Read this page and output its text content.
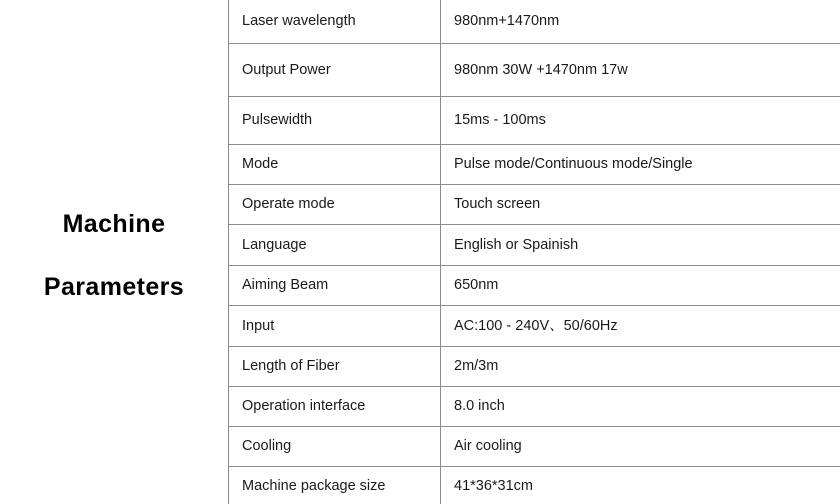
Machine
Parameters
Laser wavelength	980nm+1470nm
Output Power	980nm 30W +1470nm 17w
Pulsewidth	15ms - 100ms
Mode	Pulse mode/Continuous mode/Single
Operate mode	Touch screen
Language	English or Spainish
Aiming Beam	650nm
Input	AC:100 - 240V、50/60Hz
Length of Fiber	2m/3m
Operation interface	8.0 inch
Cooling	Air cooling
Machine package size	41*36*31cm
